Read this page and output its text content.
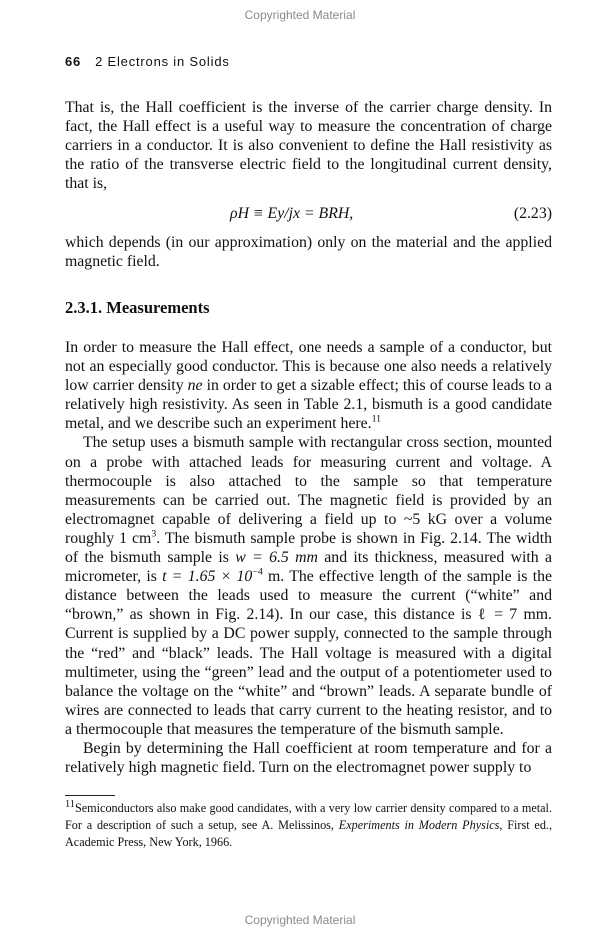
Copyrighted Material
66 2 Electrons in Solids

That is, the Hall coefficient is the inverse of the carrier charge density. In fact, the Hall effect is a useful way to measure the concentration of charge carriers in a conductor. It is also convenient to define the Hall resistivity as the ratio of the transverse electric field to the longitudinal current density, that is,

ρH ≡ Ey/jx = BRH,	(2.23)

which depends (in our approximation) only on the material and the applied magnetic field.

2.3.1. Measurements

In order to measure the Hall effect, one needs a sample of a conductor, but not an especially good conductor. This is because one also needs a relatively low carrier density ne in order to get a sizable effect; this of course leads to a relatively high resistivity. As seen in Table 2.1, bismuth is a good candidate metal, and we describe such an experiment here.$^{11}$

The setup uses a bismuth sample with rectangular cross section, mounted on a probe with attached leads for measuring current and voltage. A thermocouple is also attached to the sample so that temperature measurements can be carried out. The magnetic field is provided by an electromagnet capable of delivering a field up to ~5 kG over a volume roughly 1 $cm^3$. The bismuth sample probe is shown in Fig. 2.14. The width of the bismuth sample is w = 6.5 mm and its thickness, measured with a micrometer, is $t = 1.65 \times 10^{-4}$ m. The effective length of the sample is the distance between the leads used to measure the current (“white” and “brown,” as shown in Fig. 2.14). In our case, this distance is ℓ = 7 mm. Current is supplied by a DC power supply, connected to the sample through the “red” and “black” leads. The Hall voltage is measured with a digital multimeter, using the “green” lead and the output of a potentiometer used to balance the voltage on the “white” and “brown” leads. A separate bundle of wires are connected to leads that carry current to the heating resistor, and to a thermocouple that measures the temperature of the bismuth sample.

Begin by determining the Hall coefficient at room temperature and for a relatively high magnetic field. Turn on the electromagnet power supply to

$^{11}$Semiconductors also make good candidates, with a very low carrier density compared to a metal. For a description of such a setup, see A. Melissinos, Experiments in Modern Physics, First ed., Academic Press, New York, 1966.
Copyrighted Material
